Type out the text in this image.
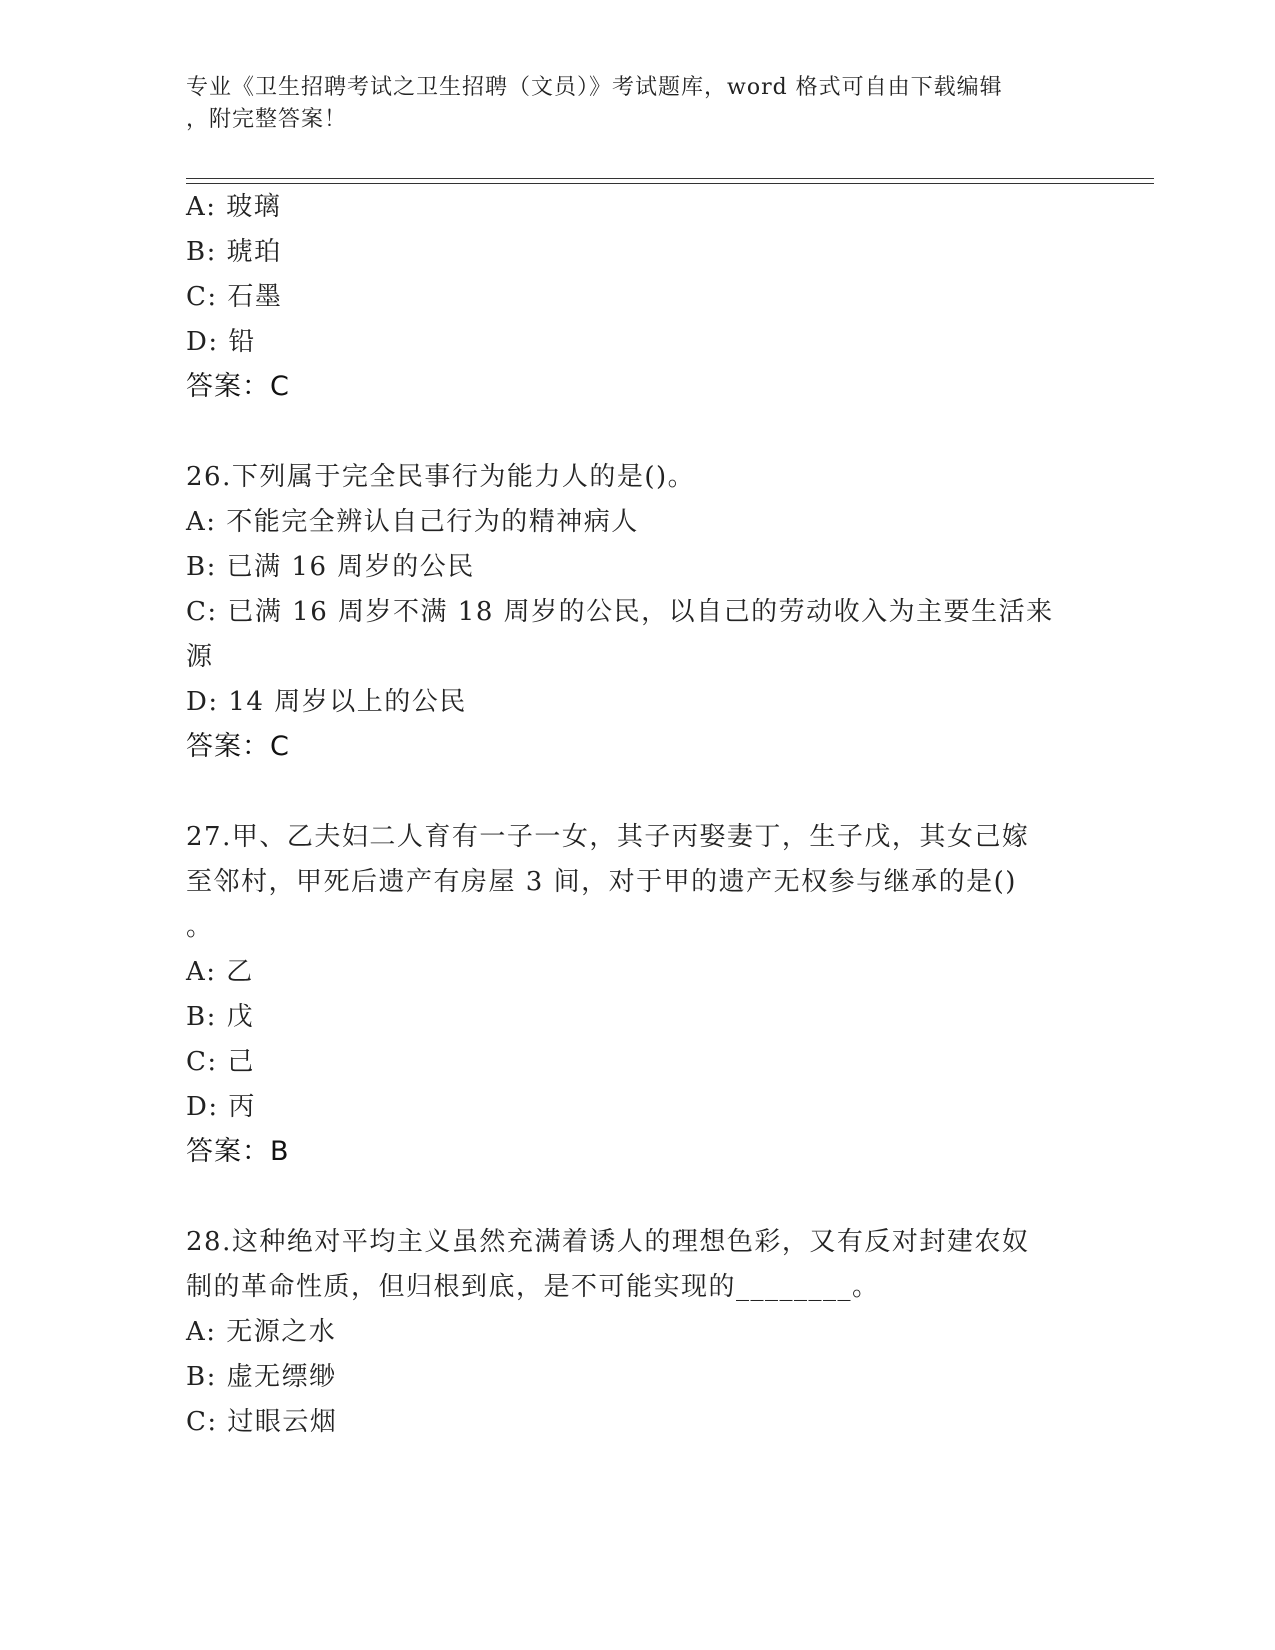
专业《卫生招聘考试之卫生招聘（文员）》考试题库，word 格式可自由下载编辑
，附完整答案！
A: 玻璃
B: 琥珀
C: 石墨
D: 铅
答案：C
26.下列属于完全民事行为能力人的是()。
A: 不能完全辨认自己行为的精神病人
B: 已满 16 周岁的公民
C: 已满 16 周岁不满 18 周岁的公民，以自己的劳动收入为主要生活来
源
D: 14 周岁以上的公民
答案：C
27.甲、乙夫妇二人育有一子一女，其子丙娶妻丁，生子戊，其女己嫁
至邻村，甲死后遗产有房屋 3 间，对于甲的遗产无权参与继承的是()
。
A: 乙
B: 戊
C: 己
D: 丙
答案：B
28.这种绝对平均主义虽然充满着诱人的理想色彩，又有反对封建农奴
制的革命性质，但归根到底，是不可能实现的________。
A: 无源之水
B: 虚无缥缈
C: 过眼云烟
